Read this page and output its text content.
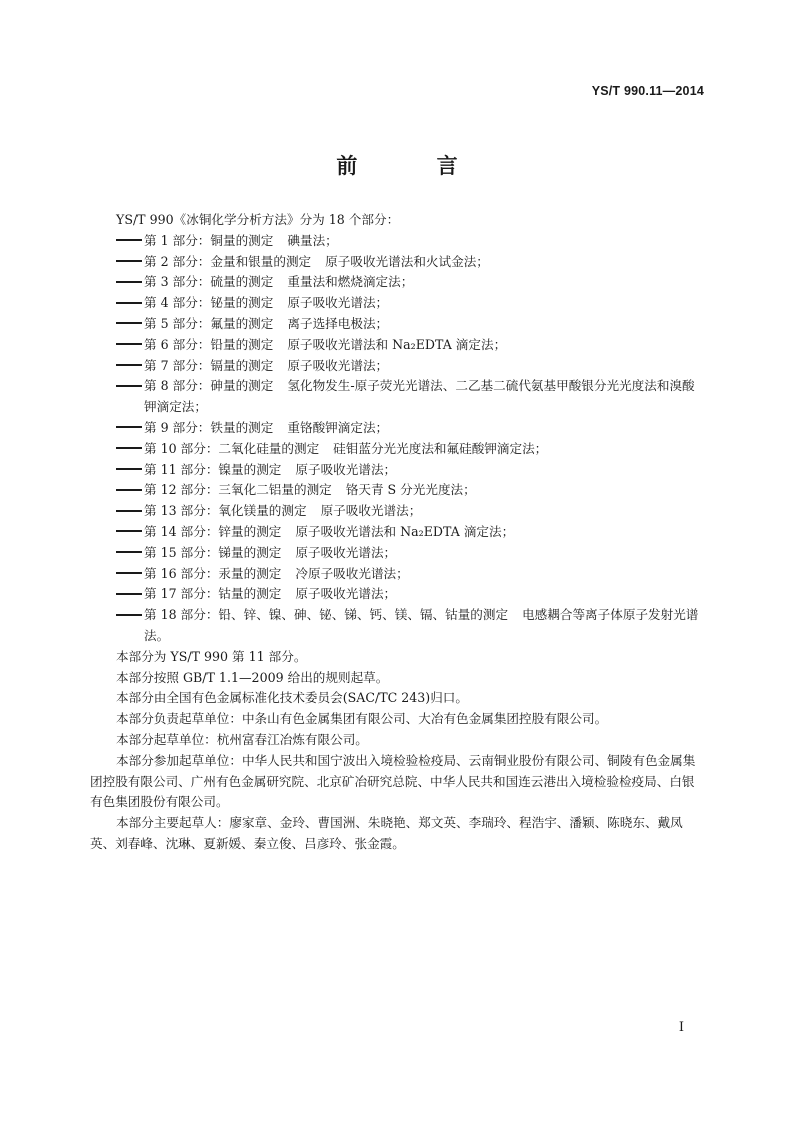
YS/T 990.11—2014
前 言

YS/T 990《冰铜化学分析方法》分为 18 个部分：

第 1 部分：铜量的测定 碘量法；
第 2 部分：金量和银量的测定 原子吸收光谱法和火试金法；
第 3 部分：硫量的测定 重量法和燃烧滴定法；
第 4 部分：铋量的测定 原子吸收光谱法；
第 5 部分：氟量的测定 离子选择电极法；
第 6 部分：铅量的测定 原子吸收光谱法和 Na₂EDTA 滴定法；
第 7 部分：镉量的测定 原子吸收光谱法；
第 8 部分：砷量的测定 氢化物发生-原子荧光光谱法、二乙基二硫代氨基甲酸银分光光度法和溴酸钾滴定法；
第 9 部分：铁量的测定 重铬酸钾滴定法；
第 10 部分：二氧化硅量的测定 硅钼蓝分光光度法和氟硅酸钾滴定法；
第 11 部分：镍量的测定 原子吸收光谱法；
第 12 部分：三氧化二铝量的测定 铬天青 S 分光光度法；
第 13 部分：氧化镁量的测定 原子吸收光谱法；
第 14 部分：锌量的测定 原子吸收光谱法和 Na₂EDTA 滴定法；
第 15 部分：锑量的测定 原子吸收光谱法；
第 16 部分：汞量的测定 冷原子吸收光谱法；
第 17 部分：钴量的测定 原子吸收光谱法；
第 18 部分：铅、锌、镍、砷、铋、锑、钙、镁、镉、钴量的测定 电感耦合等离子体原子发射光谱法。

本部分为 YS/T 990 第 11 部分。

本部分按照 GB/T 1.1—2009 给出的规则起草。

本部分由全国有色金属标准化技术委员会(SAC/TC 243)归口。

本部分负责起草单位：中条山有色金属集团有限公司、大冶有色金属集团控股有限公司。

本部分起草单位：杭州富春江冶炼有限公司。

本部分参加起草单位：中华人民共和国宁波出入境检验检疫局、云南铜业股份有限公司、铜陵有色金属集团控股有限公司、广州有色金属研究院、北京矿冶研究总院、中华人民共和国连云港出入境检验检疫局、白银有色集团股份有限公司。

本部分主要起草人：廖家章、金玲、曹国洲、朱晓艳、郑文英、李瑞玲、程浩宇、潘颖、陈晓东、戴凤英、刘春峰、沈琳、夏新媛、秦立俊、吕彦玲、张金霞。

I
